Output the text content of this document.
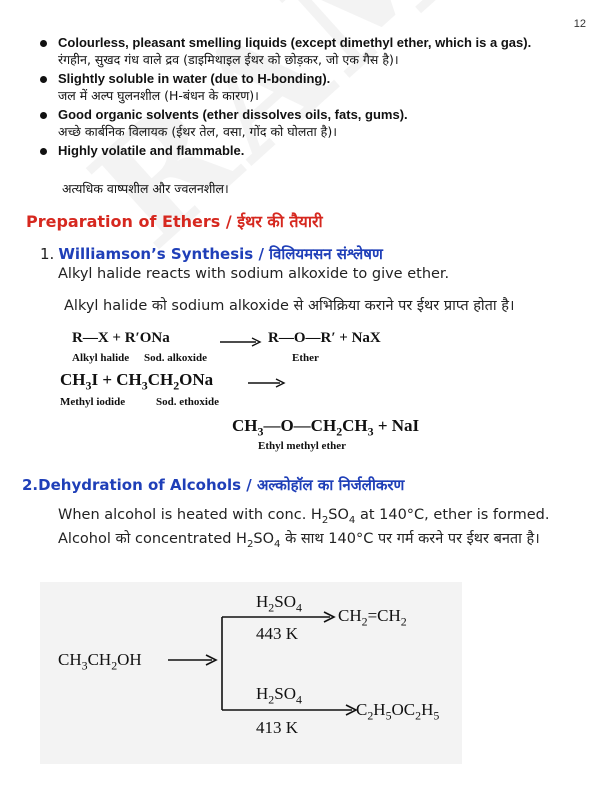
12
Colourless, pleasant smelling liquids (except dimethyl ether, which is a gas).
रंगहीन, सुखद गंध वाले द्रव (डाइमिथाइल ईथर को छोड़कर, जो एक गैस है)।
Slightly soluble in water (due to H-bonding).
जल में अल्प घुलनशील (H-बंधन के कारण)।
Good organic solvents (ether dissolves oils, fats, gums).
अच्छे कार्बनिक विलायक (ईथर तेल, वसा, गोंद को घोलता है)।
Highly volatile and flammable.
अत्यधिक वाष्पशील और ज्वलनशील।
Preparation of Ethers / ईथर की तैयारी
1. Williamson’s Synthesis / विलियमसन संश्लेषण
Alkyl halide reacts with sodium alkoxide to give ether.
Alkyl halide को sodium alkoxide से अभिक्रिया कराने पर ईथर प्राप्त होता है।
R—X + R′ONa	→ R—O—R′ + NaX
Alkyl halide Sod. alkoxide	Ether
$CH_3I + CH_3CH_2ONa$
Methyl iodide	Sod. ethoxide
$CH_3—O—CH_2CH_3$ + NaI
Ethyl methyl ether
2.Dehydration of Alcohols / अल्कोहॉल का निर्जलीकरण
When alcohol is heated with conc. $H_2SO_4$ at 140°C, ether is formed.
Alcohol को concentrated $H_2SO_4$ के साथ 140°C पर गर्म करने पर ईथर बनता है।
$CH_3CH_2OH$
$H_2SO_4$
443 K
$CH_2=CH_2$
$H_2SO_4$
413 K
$C_2H_5OC_2H_5$
